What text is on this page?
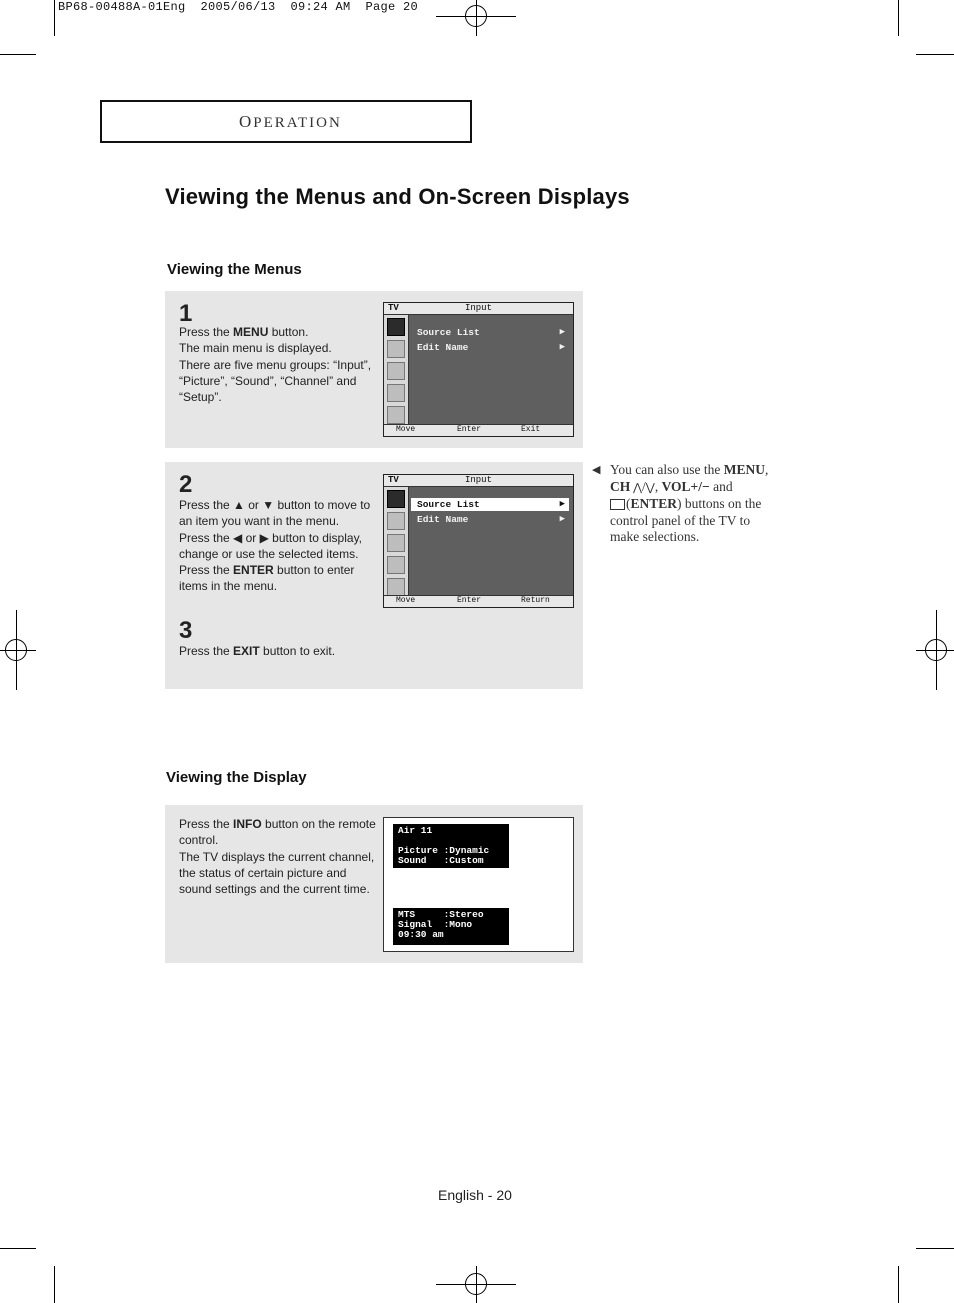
BP68-00488A-01Eng  2005/06/13  09:24 AM  Page 20
OPERATION
Viewing the Menus and On-Screen Displays
Viewing the Menus
1
Press the MENU button.
The main menu is displayed.
There are five menu groups: “Input”, “Picture”, “Sound”, “Channel” and “Setup”.
TV	Input
Source List	▶
Edit Name	▶
Move	Enter	Exit
2
Press the ▲ or ▼ button to move to an item you want in the menu.
Press the ◀ or ▶ button to display, change or use the selected items.
Press the ENTER button to enter items in the menu.
TV	Input
Source List	▶
Edit Name	▶
Move	Enter	Return
3
Press the EXIT button to exit.
◀ You can also use the MENU,
CH ⋀/⋁, VOL+/− and
(ENTER) buttons on the
control panel of the TV to
make selections.
Viewing the Display
Press the INFO button on the remote control.
The TV displays the current channel, the status of certain picture and sound settings and the current time.
Air 11

Picture :Dynamic
Sound   :Custom
MTS     :Stereo
Signal  :Mono
09:30 am
English - 20
